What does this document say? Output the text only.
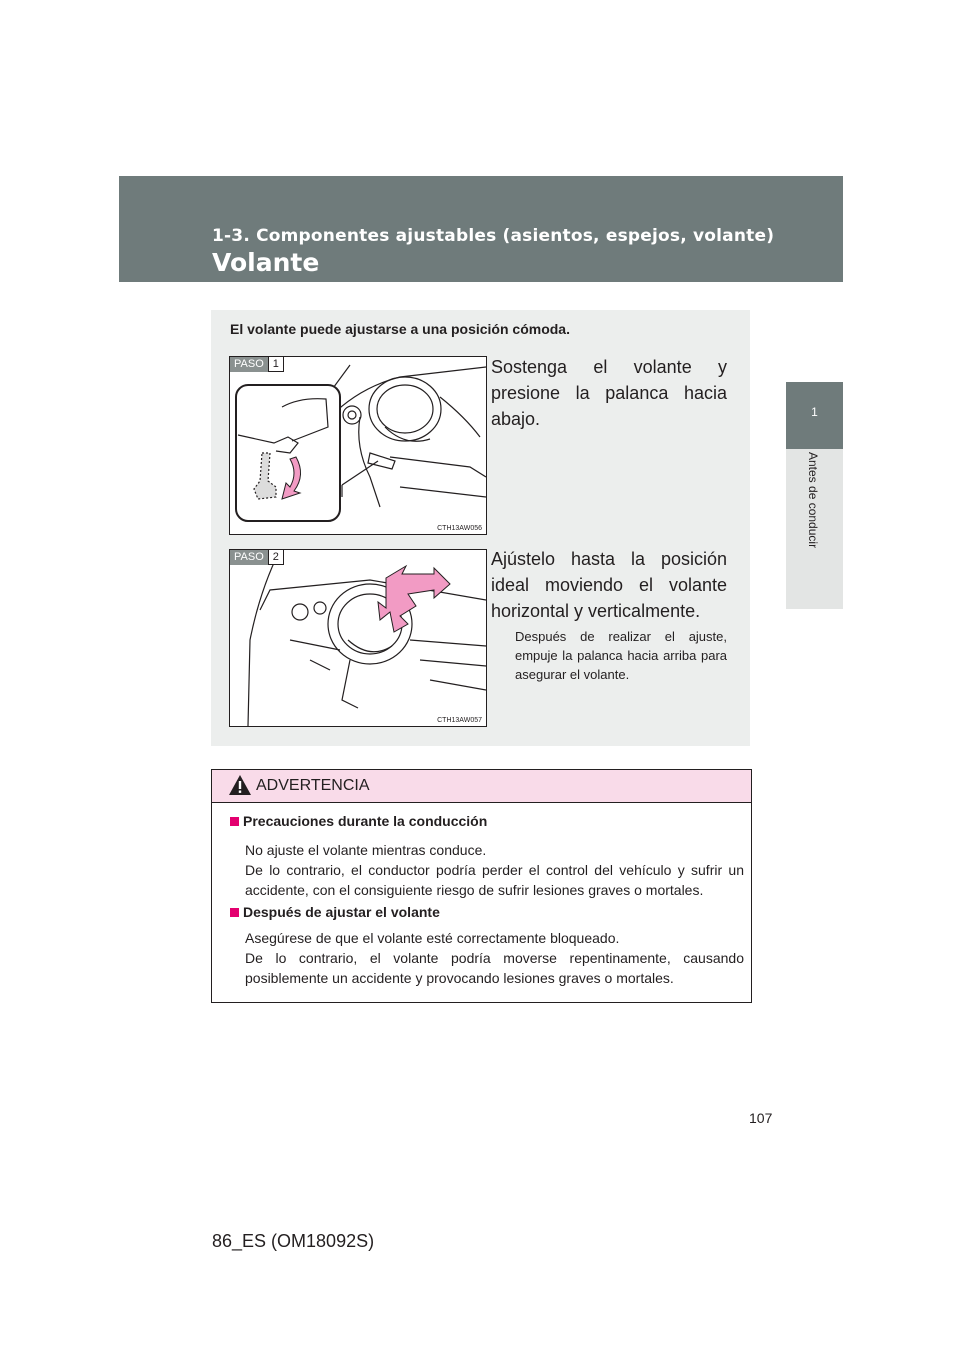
1-3. Componentes ajustables (asientos, espejos, volante)
Volante
1
Antes de conducir
El volante puede ajustarse a una posición cómoda.
PASO 1
CTH13AW056
Sostenga el volante y presione la palanca hacia abajo.
PASO 2
CTH13AW057
Ajústelo hasta la posición ideal moviendo el volante horizontal y verticalmente.
Después de realizar el ajuste, empuje la palanca hacia arriba para asegurar el volante.
ADVERTENCIA
Precauciones durante la conducción
No ajuste el volante mientras conduce.
De lo contrario, el conductor podría perder el control del vehículo y sufrir un accidente, con el consiguiente riesgo de sufrir lesiones graves o mortales.
Después de ajustar el volante
Asegúrese de que el volante esté correctamente bloqueado.
De lo contrario, el volante podría moverse repentinamente, causando posiblemente un accidente y provocando lesiones graves o mortales.
107
86_ES (OM18092S)
